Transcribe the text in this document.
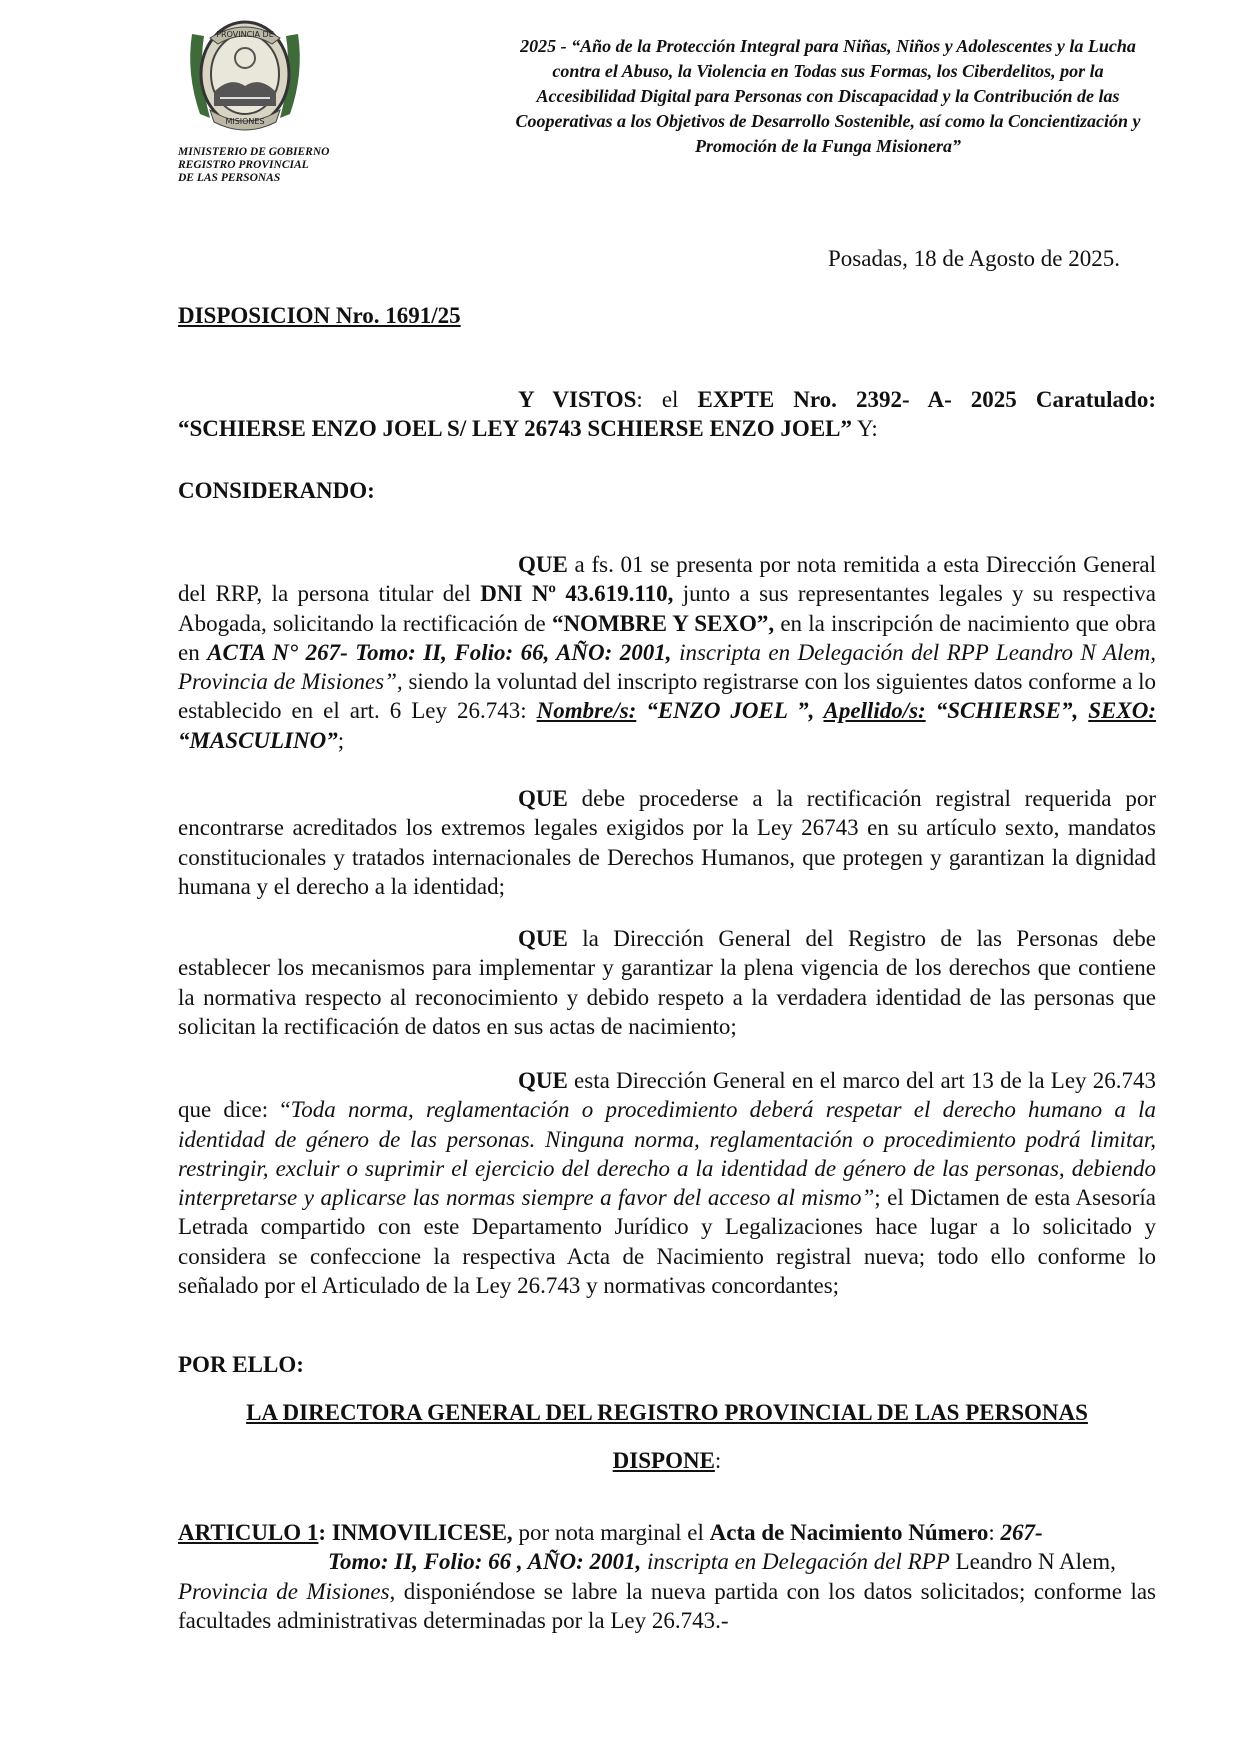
PROVINCIA DE
MISIONES
MINISTERIO DE GOBIERNO
REGISTRO PROVINCIAL
DE LAS PERSONAS
2025 - “Año de la Protección Integral para Niñas, Niños y Adolescentes y la Lucha
contra el Abuso, la Violencia en Todas sus Formas, los Ciberdelitos, por la
Accesibilidad Digital para Personas con Discapacidad y la Contribución de las
Cooperativas a los Objetivos de Desarrollo Sostenible, así como la Concientización y
Promoción de la Funga Misionera”
Posadas, 18 de Agosto de 2025.
DISPOSICION Nro. 1691/25
Y VISTOS: el EXPTE Nro. 2392- A- 2025 Caratulado: “SCHIERSE ENZO JOEL S/ LEY 26743 SCHIERSE ENZO JOEL” Y:
CONSIDERANDO:
QUE a fs. 01 se presenta por nota remitida a esta Dirección General del RRP, la persona titular del DNI Nº 43.619.110, junto a sus representantes legales y su respectiva Abogada, solicitando la rectificación de “NOMBRE Y SEXO”, en la inscripción de nacimiento que obra en ACTA N° 267- Tomo: II, Folio: 66, AÑO: 2001, inscripta en Delegación del RPP Leandro N Alem, Provincia de Misiones”, siendo la voluntad del inscripto registrarse con los siguientes datos conforme a lo establecido en el art. 6 Ley 26.743: Nombre/s: “ENZO JOEL ”, Apellido/s: “SCHIERSE”, SEXO: “MASCULINO”;
QUE debe procederse a la rectificación registral requerida por encontrarse acreditados los extremos legales exigidos por la Ley 26743 en su artículo sexto, mandatos constitucionales y tratados internacionales de Derechos Humanos, que protegen y garantizan la dignidad humana y el derecho a la identidad;
QUE la Dirección General del Registro de las Personas debe establecer los mecanismos para implementar y garantizar la plena vigencia de los derechos que contiene la normativa respecto al reconocimiento y debido respeto a la verdadera identidad de las personas que solicitan la rectificación de datos en sus actas de nacimiento;
QUE esta Dirección General en el marco del art 13 de la Ley 26.743 que dice: “Toda norma, reglamentación o procedimiento deberá respetar el derecho humano a la identidad de género de las personas. Ninguna norma, reglamentación o procedimiento podrá limitar, restringir, excluir o suprimir el ejercicio del derecho a la identidad de género de las personas, debiendo interpretarse y aplicarse las normas siempre a favor del acceso al mismo”; el Dictamen de esta Asesoría Letrada compartido con este Departamento Jurídico y Legalizaciones hace lugar a lo solicitado y considera se confeccione la respectiva Acta de Nacimiento registral nueva; todo ello conforme lo señalado por el Articulado de la Ley 26.743 y normativas concordantes;
POR ELLO:
LA DIRECTORA GENERAL DEL REGISTRO PROVINCIAL DE LAS PERSONAS
DISPONE:
ARTICULO 1: INMOVILICESE, por nota marginal el Acta de Nacimiento Número: 267-
Tomo: II, Folio: 66 , AÑO: 2001, inscripta en Delegación del RPP Leandro N Alem,
Provincia de Misiones, disponiéndose se labre la nueva partida con los datos solicitados; conforme las facultades administrativas determinadas por la Ley 26.743.-
